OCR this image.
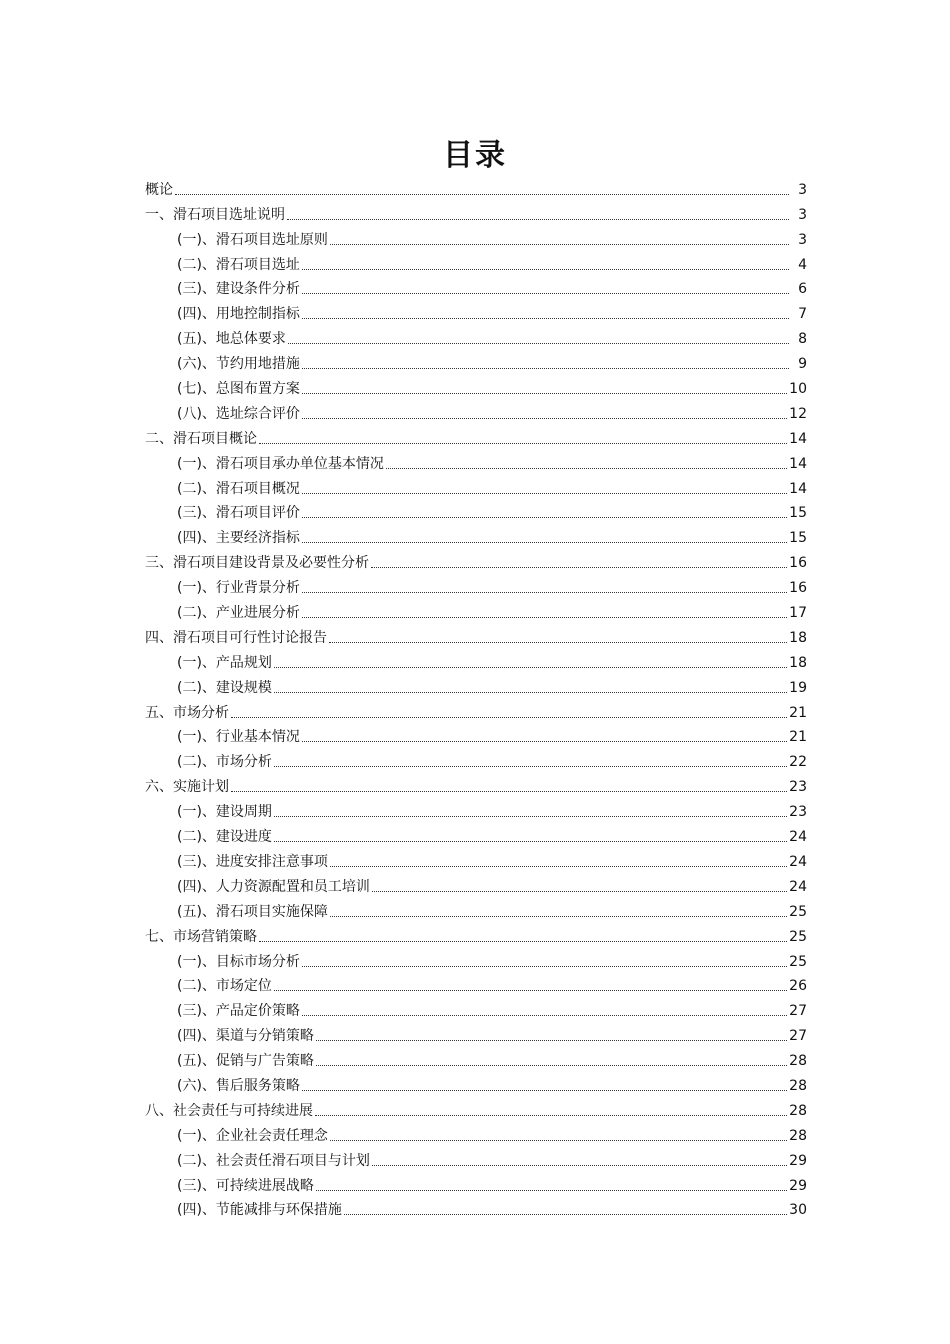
目录
概论	3
一、滑石项目选址说明	3
(一)、滑石项目选址原则	3
(二)、滑石项目选址	4
(三)、建设条件分析	6
(四)、用地控制指标	7
(五)、地总体要求	8
(六)、节约用地措施	9
(七)、总图布置方案	10
(八)、选址综合评价	12
二、滑石项目概论	14
(一)、滑石项目承办单位基本情况	14
(二)、滑石项目概况	14
(三)、滑石项目评价	15
(四)、主要经济指标	15
三、滑石项目建设背景及必要性分析	16
(一)、行业背景分析	16
(二)、产业进展分析	17
四、滑石项目可行性讨论报告	18
(一)、产品规划	18
(二)、建设规模	19
五、市场分析	21
(一)、行业基本情况	21
(二)、市场分析	22
六、实施计划	23
(一)、建设周期	23
(二)、建设进度	24
(三)、进度安排注意事项	24
(四)、人力资源配置和员工培训	24
(五)、滑石项目实施保障	25
七、市场营销策略	25
(一)、目标市场分析	25
(二)、市场定位	26
(三)、产品定价策略	27
(四)、渠道与分销策略	27
(五)、促销与广告策略	28
(六)、售后服务策略	28
八、社会责任与可持续进展	28
(一)、企业社会责任理念	28
(二)、社会责任滑石项目与计划	29
(三)、可持续进展战略	29
(四)、节能减排与环保措施	30
